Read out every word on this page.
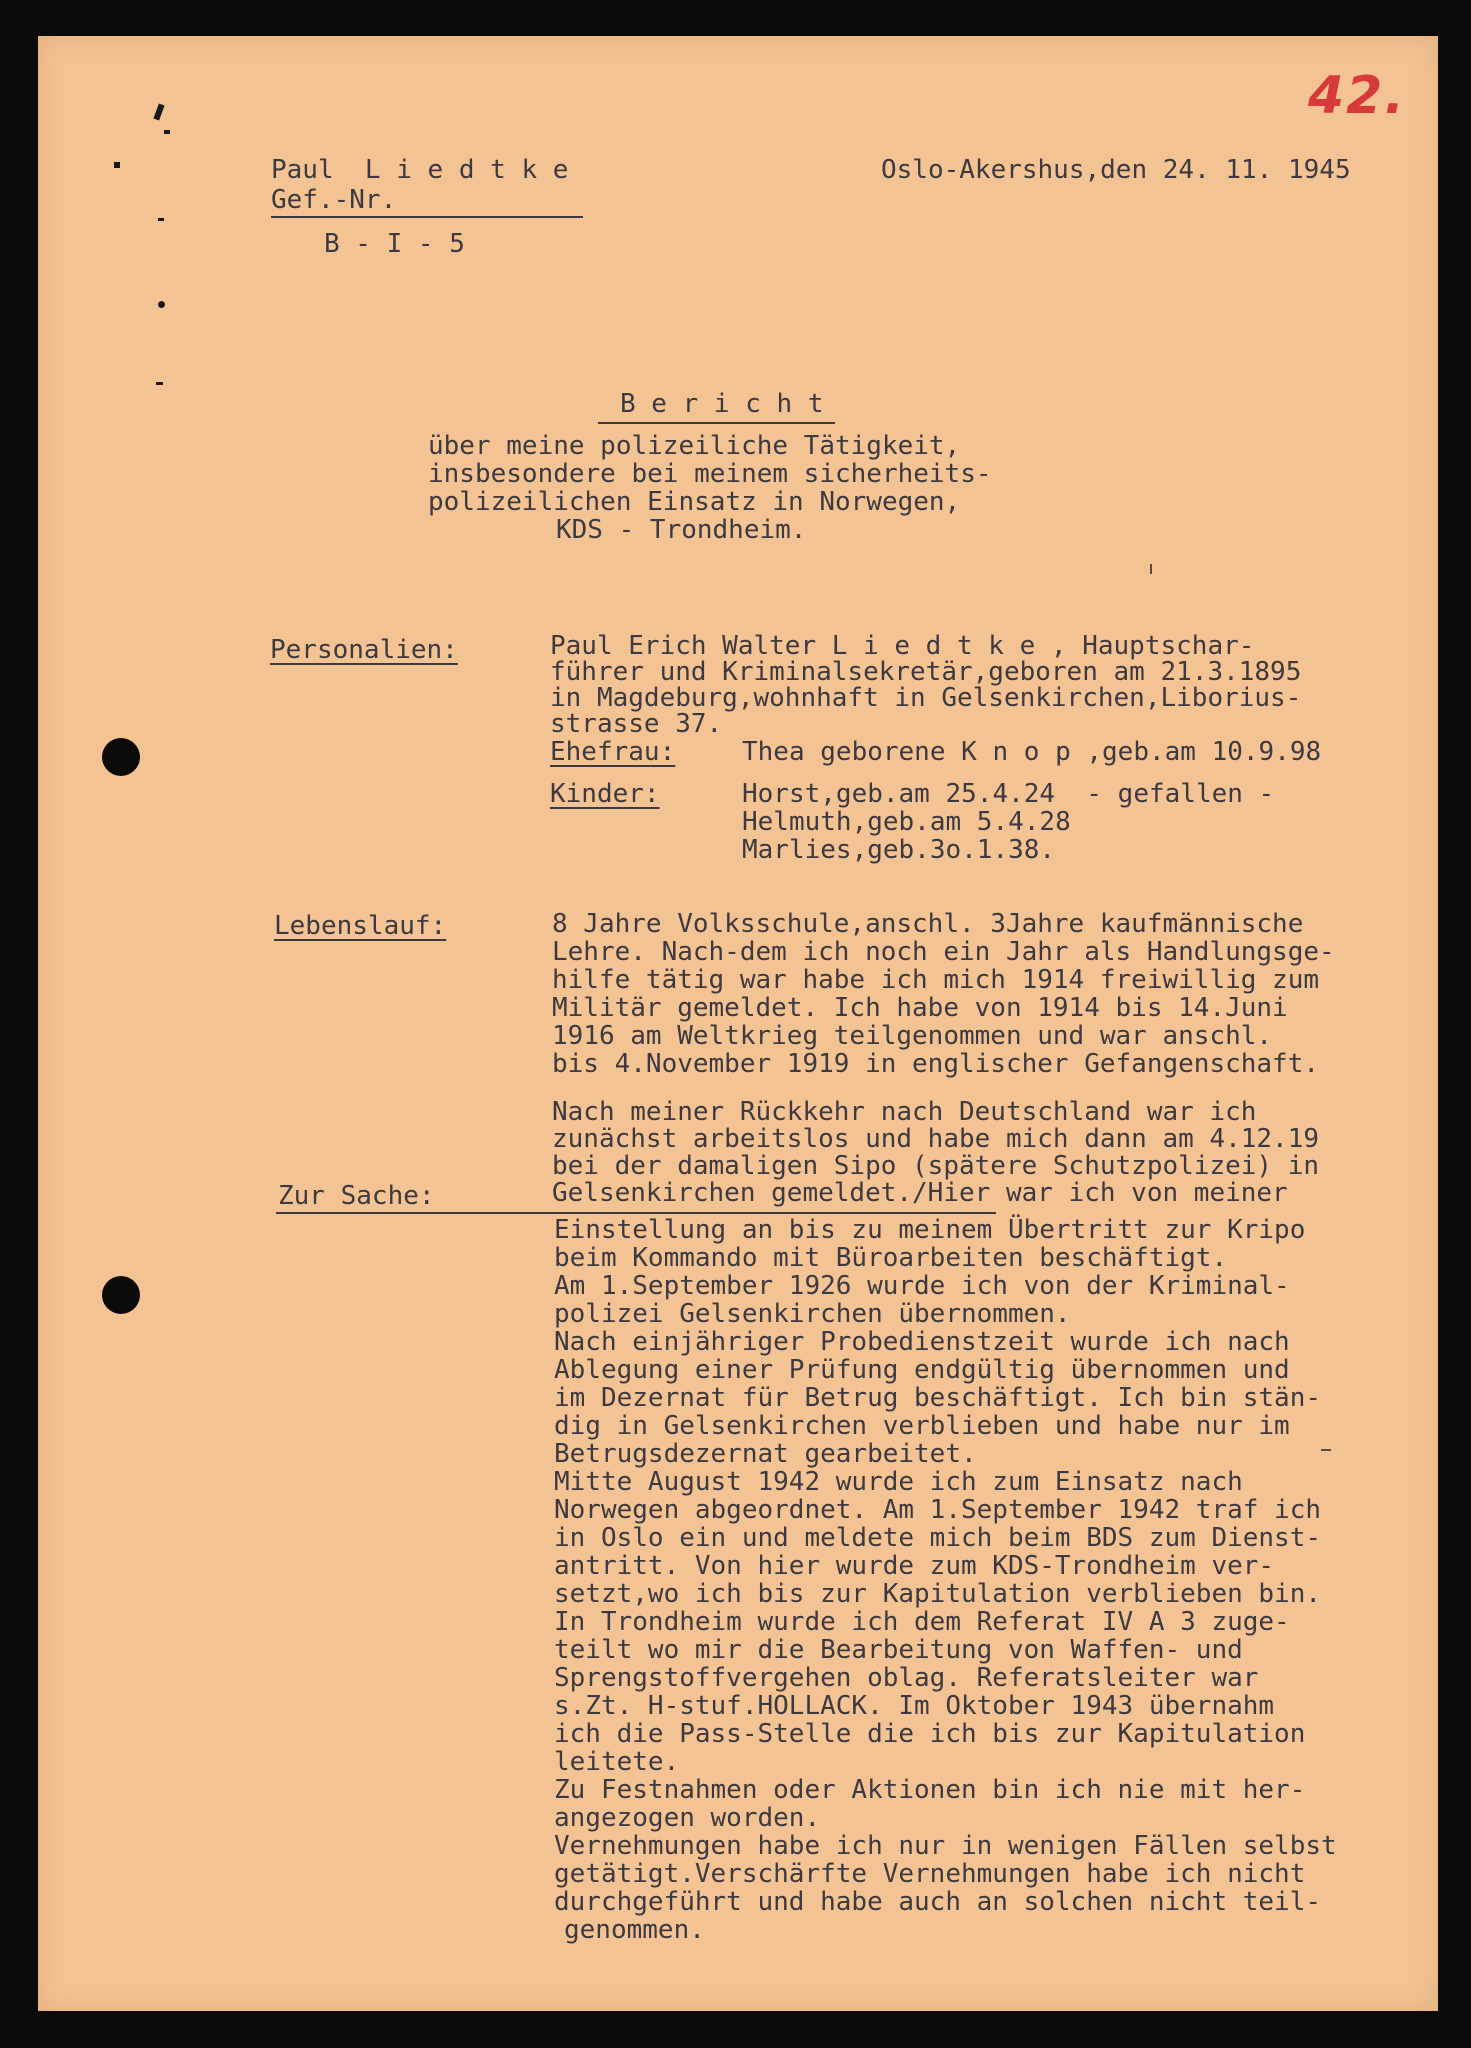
42.

Paul  L i e d t k e

Gef.-Nr.

B - I - 5

Oslo-Akershus,den 24. 11. 1945

B e r i c h t

über meine polizeiliche Tätigkeit,

insbesondere bei meinem sicherheits-

polizeilichen Einsatz in Norwegen,

KDS - Trondheim.

Personalien:	Paul Erich Walter L i e d t k e , Hauptschar-

führer und Kriminalsekretär,geboren am 21.3.1895

in Magdeburg,wohnhaft in Gelsenkirchen,Liborius-

strasse 37.

Ehefrau:	Thea geborene K n o p ,geb.am 10.9.98

Kinder:	Horst,geb.am 25.4.24  - gefallen -

Helmuth,geb.am 5.4.28

Marlies,geb.3o.1.38.

Lebenslauf:	8 Jahre Volksschule,anschl. 3Jahre kaufmännische

Lehre. Nach-dem ich noch ein Jahr als Handlungsge-

hilfe tätig war habe ich mich 1914 freiwillig zum

Militär gemeldet. Ich habe von 1914 bis 14.Juni

1916 am Weltkrieg teilgenommen und war anschl.

bis 4.November 1919 in englischer Gefangenschaft.

Nach meiner Rückkehr nach Deutschland war ich

zunächst arbeitslos und habe mich dann am 4.12.19

bei der damaligen Sipo (spätere Schutzpolizei) in

Gelsenkirchen gemeldet./Hier war ich von meiner

Zur Sache:

Einstellung an bis zu meinem Übertritt zur Kripo

beim Kommando mit Büroarbeiten beschäftigt.

Am 1.September 1926 wurde ich von der Kriminal-

polizei Gelsenkirchen übernommen.

Nach einjähriger Probedienstzeit wurde ich nach

Ablegung einer Prüfung endgültig übernommen und

im Dezernat für Betrug beschäftigt. Ich bin stän-

dig in Gelsenkirchen verblieben und habe nur im

Betrugsdezernat gearbeitet.

Mitte August 1942 wurde ich zum Einsatz nach

Norwegen abgeordnet. Am 1.September 1942 traf ich

in Oslo ein und meldete mich beim BDS zum Dienst-

antritt. Von hier wurde zum KDS-Trondheim ver-

setzt,wo ich bis zur Kapitulation verblieben bin.

In Trondheim wurde ich dem Referat IV A 3 zuge-

teilt wo mir die Bearbeitung von Waffen- und

Sprengstoffvergehen oblag. Referatsleiter war

s.Zt. H-stuf.HOLLACK. Im Oktober 1943 übernahm

ich die Pass-Stelle die ich bis zur Kapitulation

leitete.

Zu Festnahmen oder Aktionen bin ich nie mit her-

angezogen worden.

Vernehmungen habe ich nur in wenigen Fällen selbst

getätigt.Verschärfte Vernehmungen habe ich nicht

durchgeführt und habe auch an solchen nicht teil-

genommen.
